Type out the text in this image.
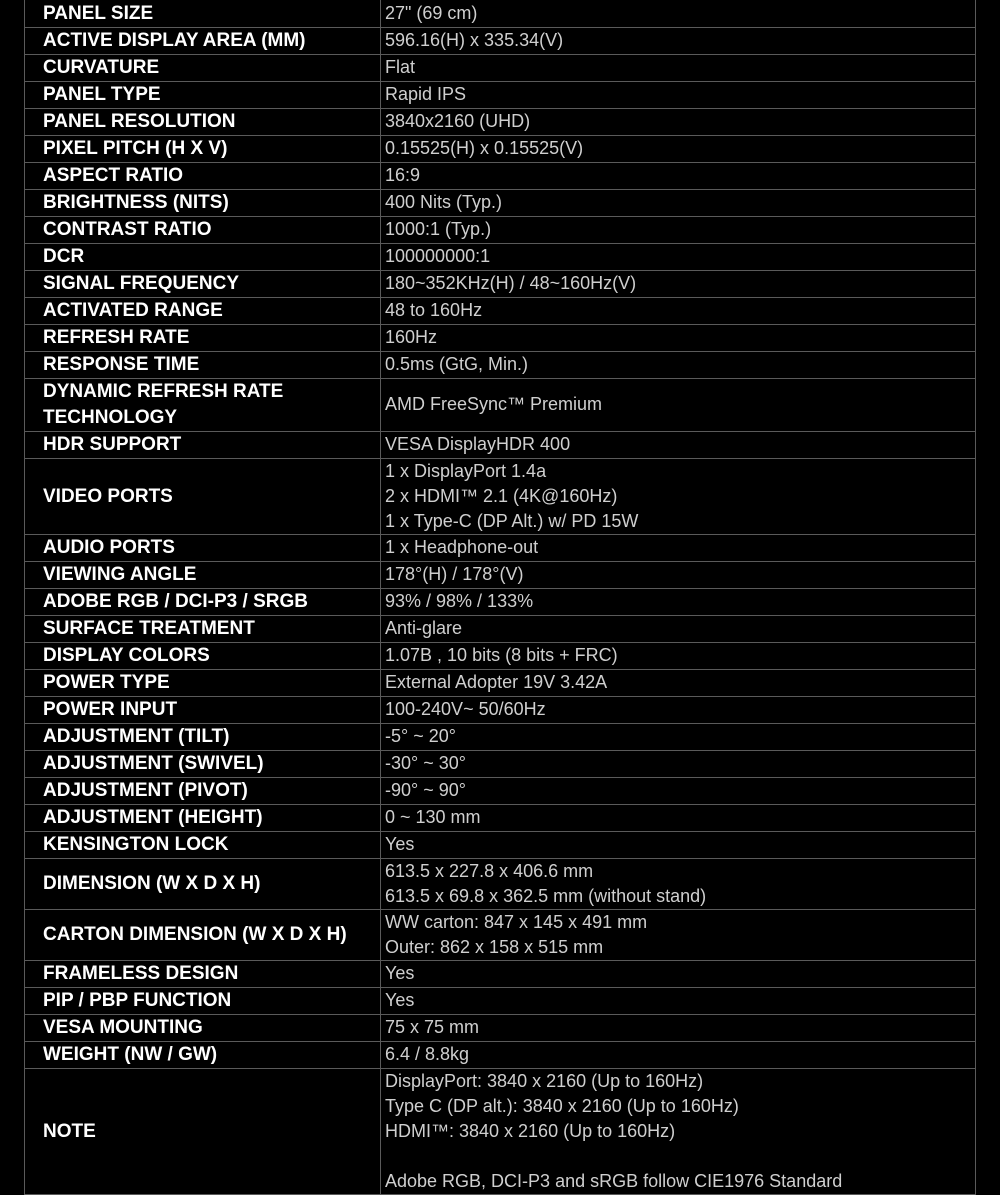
PANEL SIZE	27" (69 cm)

ACTIVE DISPLAY AREA (MM)	596.16(H) x 335.34(V)

CURVATURE	Flat

PANEL TYPE	Rapid IPS

PANEL RESOLUTION	3840x2160 (UHD)

PIXEL PITCH (H X V)	0.15525(H) x 0.15525(V)

ASPECT RATIO	16:9

BRIGHTNESS (NITS)	400 Nits (Typ.)

CONTRAST RATIO	1000:1 (Typ.)

DCR	100000000:1

SIGNAL FREQUENCY	180~352KHz(H) / 48~160Hz(V)

ACTIVATED RANGE	48 to 160Hz

REFRESH RATE	160Hz

RESPONSE TIME	0.5ms (GtG, Min.)

DYNAMIC REFRESH RATE TECHNOLOGY	AMD FreeSync™ Premium

HDR SUPPORT	VESA DisplayHDR 400

VIDEO PORTS	1 x DisplayPort 1.4a
2 x HDMI™ 2.1 (4K@160Hz)
1 x Type-C (DP Alt.) w/ PD 15W

AUDIO PORTS	1 x Headphone-out

VIEWING ANGLE	178°(H) / 178°(V)

ADOBE RGB / DCI-P3 / SRGB	93% / 98% / 133%

SURFACE TREATMENT	Anti-glare

DISPLAY COLORS	1.07B , 10 bits (8 bits + FRC)

POWER TYPE	External Adopter 19V 3.42A

POWER INPUT	100-240V~ 50/60Hz

ADJUSTMENT (TILT)	-5° ~ 20°

ADJUSTMENT (SWIVEL)	-30° ~ 30°

ADJUSTMENT (PIVOT)	-90° ~ 90°

ADJUSTMENT (HEIGHT)	0 ~ 130 mm

KENSINGTON LOCK	Yes

DIMENSION (W X D X H)	613.5 x 227.8 x 406.6 mm
613.5 x 69.8 x 362.5 mm (without stand)

CARTON DIMENSION (W X D X H)	WW carton: 847 x 145 x 491 mm
Outer: 862 x 158 x 515 mm

FRAMELESS DESIGN	Yes

PIP / PBP FUNCTION	Yes

VESA MOUNTING	75 x 75 mm

WEIGHT (NW / GW)	6.4 / 8.8kg

NOTE	DisplayPort: 3840 x 2160 (Up to 160Hz)
Type C (DP alt.): 3840 x 2160 (Up to 160Hz)
HDMI™: 3840 x 2160 (Up to 160Hz)
Adobe RGB, DCI-P3 and sRGB follow CIE1976 Standard
